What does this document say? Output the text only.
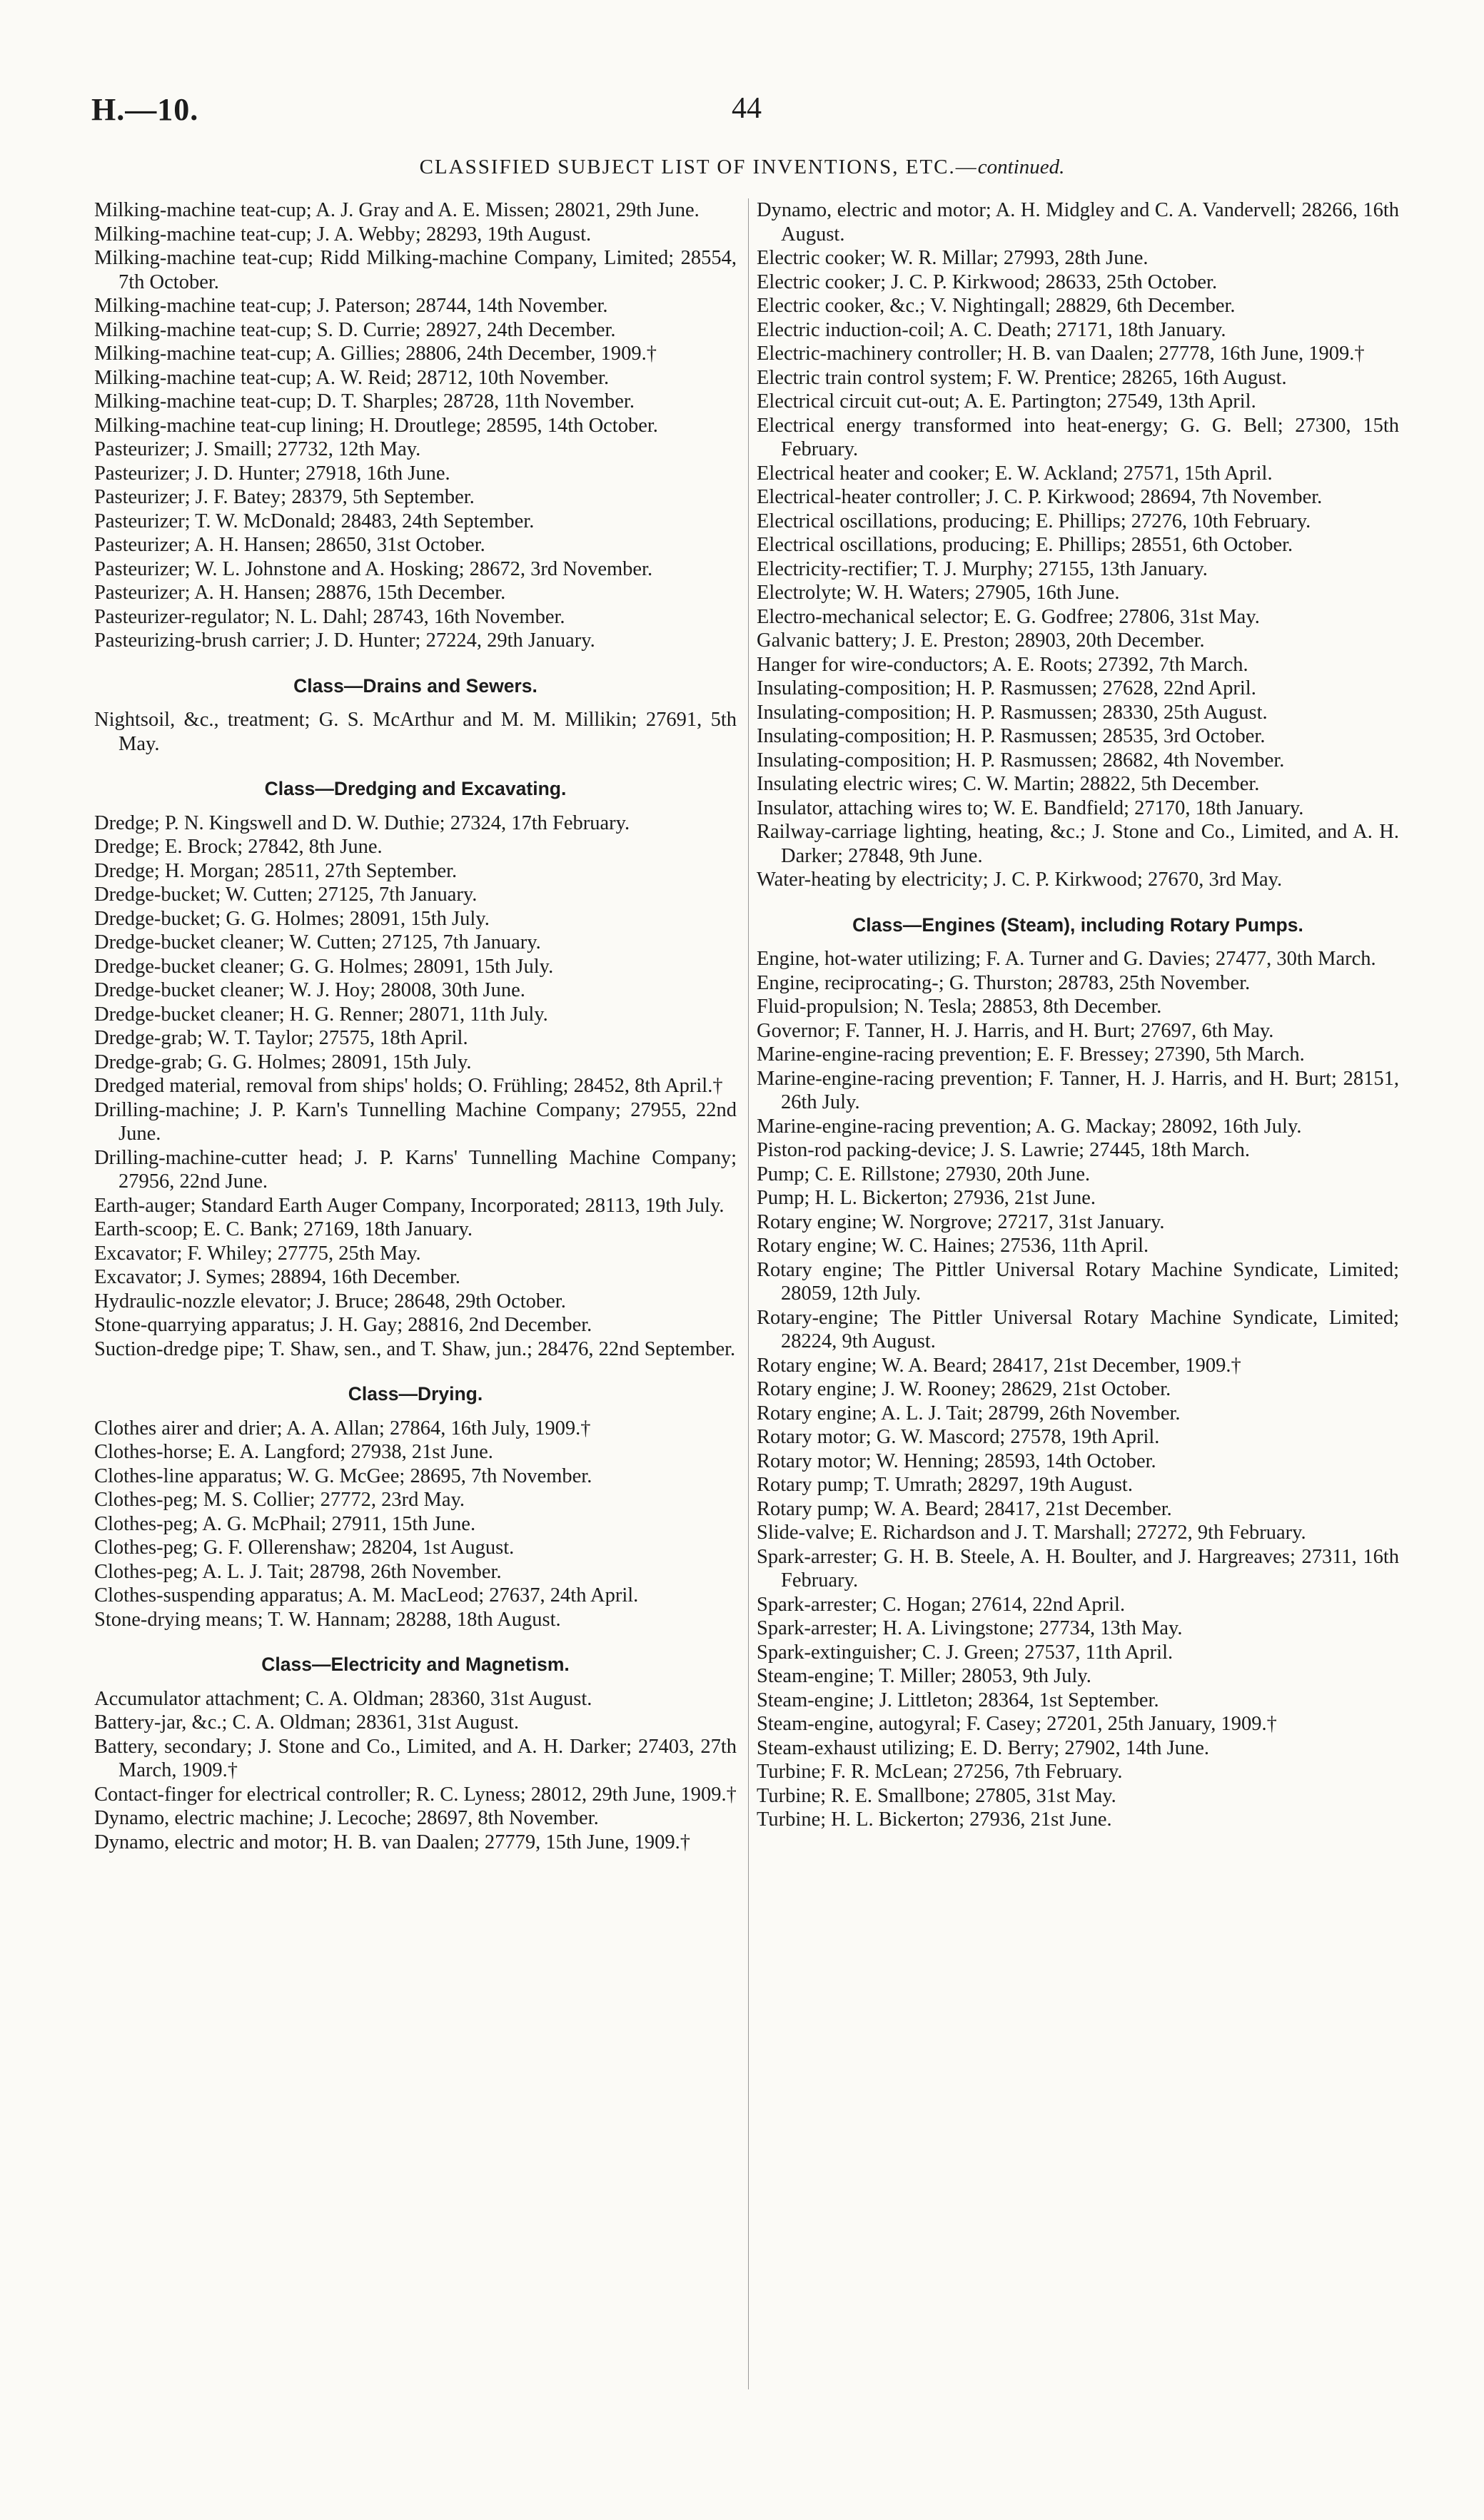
H.—10.	44
CLASSIFIED SUBJECT LIST OF INVENTIONS, ETC.—continued.
Milking-machine teat-cup; A. J. Gray and A. E. Missen; 28021, 29th June.
Milking-machine teat-cup; J. A. Webby; 28293, 19th August.
Milking-machine teat-cup; Ridd Milking-machine Company, Limited; 28554, 7th October.
Milking-machine teat-cup; J. Paterson; 28744, 14th November.
Milking-machine teat-cup; S. D. Currie; 28927, 24th December.
Milking-machine teat-cup; A. Gillies; 28806, 24th December, 1909.†
Milking-machine teat-cup; A. W. Reid; 28712, 10th November.
Milking-machine teat-cup; D. T. Sharples; 28728, 11th November.
Milking-machine teat-cup lining; H. Droutlege; 28595, 14th October.
Pasteurizer; J. Smaill; 27732, 12th May.
Pasteurizer; J. D. Hunter; 27918, 16th June.
Pasteurizer; J. F. Batey; 28379, 5th September.
Pasteurizer; T. W. McDonald; 28483, 24th September.
Pasteurizer; A. H. Hansen; 28650, 31st October.
Pasteurizer; W. L. Johnstone and A. Hosking; 28672, 3rd November.
Pasteurizer; A. H. Hansen; 28876, 15th December.
Pasteurizer-regulator; N. L. Dahl; 28743, 16th November.
Pasteurizing-brush carrier; J. D. Hunter; 27224, 29th January.
Class—Drains and Sewers.
Nightsoil, &c., treatment; G. S. McArthur and M. M. Millikin; 27691, 5th May.
Class—Dredging and Excavating.
Dredge; P. N. Kingswell and D. W. Duthie; 27324, 17th February.
Dredge; E. Brock; 27842, 8th June.
Dredge; H. Morgan; 28511, 27th September.
Dredge-bucket; W. Cutten; 27125, 7th January.
Dredge-bucket; G. G. Holmes; 28091, 15th July.
Dredge-bucket cleaner; W. Cutten; 27125, 7th January.
Dredge-bucket cleaner; G. G. Holmes; 28091, 15th July.
Dredge-bucket cleaner; W. J. Hoy; 28008, 30th June.
Dredge-bucket cleaner; H. G. Renner; 28071, 11th July.
Dredge-grab; W. T. Taylor; 27575, 18th April.
Dredge-grab; G. G. Holmes; 28091, 15th July.
Dredged material, removal from ships' holds; O. Frühling; 28452, 8th April.†
Drilling-machine; J. P. Karn's Tunnelling Machine Company; 27955, 22nd June.
Drilling-machine-cutter head; J. P. Karns' Tunnelling Machine Company; 27956, 22nd June.
Earth-auger; Standard Earth Auger Company, Incorporated; 28113, 19th July.
Earth-scoop; E. C. Bank; 27169, 18th January.
Excavator; F. Whiley; 27775, 25th May.
Excavator; J. Symes; 28894, 16th December.
Hydraulic-nozzle elevator; J. Bruce; 28648, 29th October.
Stone-quarrying apparatus; J. H. Gay; 28816, 2nd December.
Suction-dredge pipe; T. Shaw, sen., and T. Shaw, jun.; 28476, 22nd September.
Class—Drying.
Clothes airer and drier; A. A. Allan; 27864, 16th July, 1909.†
Clothes-horse; E. A. Langford; 27938, 21st June.
Clothes-line apparatus; W. G. McGee; 28695, 7th November.
Clothes-peg; M. S. Collier; 27772, 23rd May.
Clothes-peg; A. G. McPhail; 27911, 15th June.
Clothes-peg; G. F. Ollerenshaw; 28204, 1st August.
Clothes-peg; A. L. J. Tait; 28798, 26th November.
Clothes-suspending apparatus; A. M. MacLeod; 27637, 24th April.
Stone-drying means; T. W. Hannam; 28288, 18th August.
Class—Electricity and Magnetism.
Accumulator attachment; C. A. Oldman; 28360, 31st August.
Battery-jar, &c.; C. A. Oldman; 28361, 31st August.
Battery, secondary; J. Stone and Co., Limited, and A. H. Darker; 27403, 27th March, 1909.†
Contact-finger for electrical controller; R. C. Lyness; 28012, 29th June, 1909.†
Dynamo, electric machine; J. Lecoche; 28697, 8th November.
Dynamo, electric and motor; H. B. van Daalen; 27779, 15th June, 1909.†
Dynamo, electric and motor; A. H. Midgley and C. A. Vandervell; 28266, 16th August.
Electric cooker; W. R. Millar; 27993, 28th June.
Electric cooker; J. C. P. Kirkwood; 28633, 25th October.
Electric cooker, &c.; V. Nightingall; 28829, 6th December.
Electric induction-coil; A. C. Death; 27171, 18th January.
Electric-machinery controller; H. B. van Daalen; 27778, 16th June, 1909.†
Electric train control system; F. W. Prentice; 28265, 16th August.
Electrical circuit cut-out; A. E. Partington; 27549, 13th April.
Electrical energy transformed into heat-energy; G. G. Bell; 27300, 15th February.
Electrical heater and cooker; E. W. Ackland; 27571, 15th April.
Electrical-heater controller; J. C. P. Kirkwood; 28694, 7th November.
Electrical oscillations, producing; E. Phillips; 27276, 10th February.
Electrical oscillations, producing; E. Phillips; 28551, 6th October.
Electricity-rectifier; T. J. Murphy; 27155, 13th January.
Electrolyte; W. H. Waters; 27905, 16th June.
Electro-mechanical selector; E. G. Godfree; 27806, 31st May.
Galvanic battery; J. E. Preston; 28903, 20th December.
Hanger for wire-conductors; A. E. Roots; 27392, 7th March.
Insulating-composition; H. P. Rasmussen; 27628, 22nd April.
Insulating-composition; H. P. Rasmussen; 28330, 25th August.
Insulating-composition; H. P. Rasmussen; 28535, 3rd October.
Insulating-composition; H. P. Rasmussen; 28682, 4th November.
Insulating electric wires; C. W. Martin; 28822, 5th December.
Insulator, attaching wires to; W. E. Bandfield; 27170, 18th January.
Railway-carriage lighting, heating, &c.; J. Stone and Co., Limited, and A. H. Darker; 27848, 9th June.
Water-heating by electricity; J. C. P. Kirkwood; 27670, 3rd May.
Class—Engines (Steam), including Rotary Pumps.
Engine, hot-water utilizing; F. A. Turner and G. Davies; 27477, 30th March.
Engine, reciprocating-; G. Thurston; 28783, 25th November.
Fluid-propulsion; N. Tesla; 28853, 8th December.
Governor; F. Tanner, H. J. Harris, and H. Burt; 27697, 6th May.
Marine-engine-racing prevention; E. F. Bressey; 27390, 5th March.
Marine-engine-racing prevention; F. Tanner, H. J. Harris, and H. Burt; 28151, 26th July.
Marine-engine-racing prevention; A. G. Mackay; 28092, 16th July.
Piston-rod packing-device; J. S. Lawrie; 27445, 18th March.
Pump; C. E. Rillstone; 27930, 20th June.
Pump; H. L. Bickerton; 27936, 21st June.
Rotary engine; W. Norgrove; 27217, 31st January.
Rotary engine; W. C. Haines; 27536, 11th April.
Rotary engine; The Pittler Universal Rotary Machine Syndicate, Limited; 28059, 12th July.
Rotary-engine; The Pittler Universal Rotary Machine Syndicate, Limited; 28224, 9th August.
Rotary engine; W. A. Beard; 28417, 21st December, 1909.†
Rotary engine; J. W. Rooney; 28629, 21st October.
Rotary engine; A. L. J. Tait; 28799, 26th November.
Rotary motor; G. W. Mascord; 27578, 19th April.
Rotary motor; W. Henning; 28593, 14th October.
Rotary pump; T. Umrath; 28297, 19th August.
Rotary pump; W. A. Beard; 28417, 21st December.
Slide-valve; E. Richardson and J. T. Marshall; 27272, 9th February.
Spark-arrester; G. H. B. Steele, A. H. Boulter, and J. Hargreaves; 27311, 16th February.
Spark-arrester; C. Hogan; 27614, 22nd April.
Spark-arrester; H. A. Livingstone; 27734, 13th May.
Spark-extinguisher; C. J. Green; 27537, 11th April.
Steam-engine; T. Miller; 28053, 9th July.
Steam-engine; J. Littleton; 28364, 1st September.
Steam-engine, autogyral; F. Casey; 27201, 25th January, 1909.†
Steam-exhaust utilizing; E. D. Berry; 27902, 14th June.
Turbine; F. R. McLean; 27256, 7th February.
Turbine; R. E. Smallbone; 27805, 31st May.
Turbine; H. L. Bickerton; 27936, 21st June.
